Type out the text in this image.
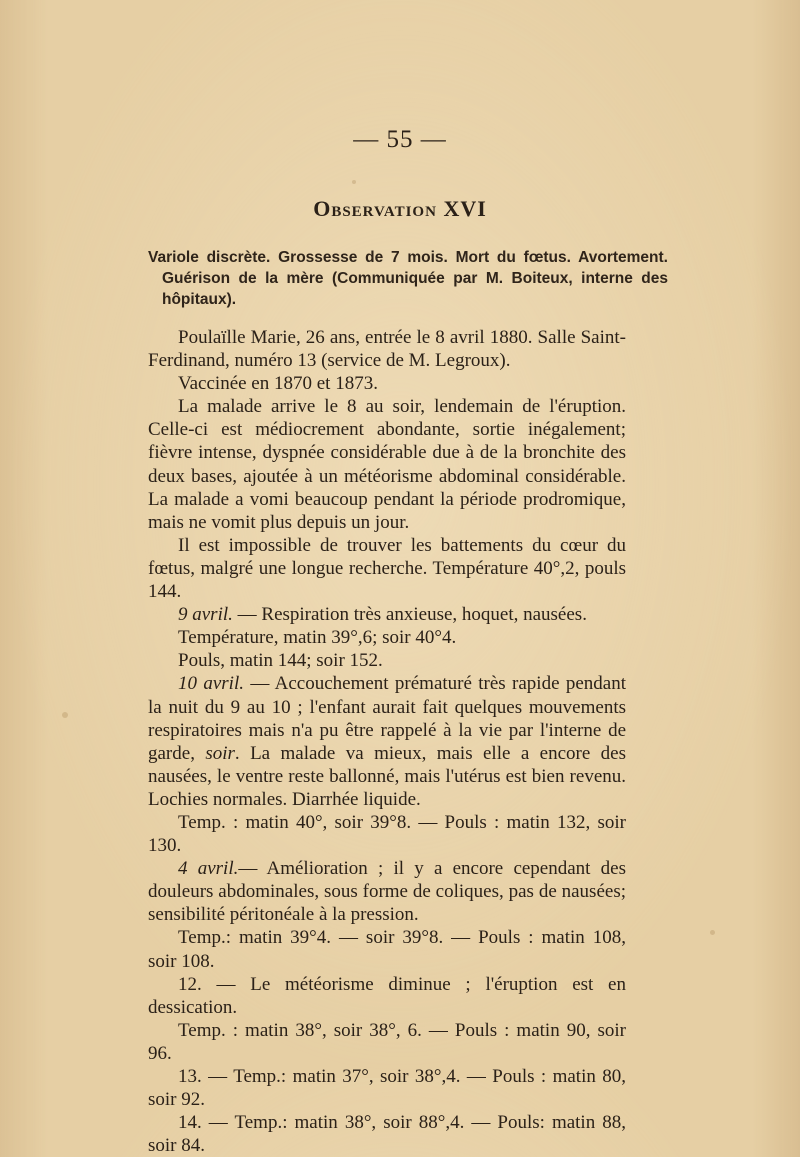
— 55 —
Observation XVI
Variole discrète. Grossesse de 7 mois. Mort du fœtus. Avortement. Guérison de la mère (Communiquée par M. Boiteux, interne des hôpitaux).

Poulaïlle Marie, 26 ans, entrée le 8 avril 1880. Salle Saint-Ferdinand, numéro 13 (service de M. Legroux).

Vaccinée en 1870 et 1873.

La malade arrive le 8 au soir, lendemain de l'éruption. Celle-ci est médiocrement abondante, sortie inégalement; fièvre intense, dyspnée considérable due à de la bronchite des deux bases, ajoutée à un météorisme abdominal considérable. La malade a vomi beaucoup pendant la période prodromique, mais ne vomit plus depuis un jour.

Il est impossible de trouver les battements du cœur du fœtus, malgré une longue recherche. Température 40°,2, pouls 144.

9 avril. — Respiration très anxieuse, hoquet, nausées.

Température, matin 39°,6; soir 40°4.

Pouls, matin 144; soir 152.

10 avril. — Accouchement prématuré très rapide pendant la nuit du 9 au 10 ; l'enfant aurait fait quelques mouvements respiratoires mais n'a pu être rappelé à la vie par l'interne de garde, soir. La malade va mieux, mais elle a encore des nausées, le ventre reste ballonné, mais l'utérus est bien revenu. Lochies normales. Diarrhée liquide.

Temp. : matin 40°, soir 39°8. — Pouls : matin 132, soir 130.

4 avril.— Amélioration ; il y a encore cependant des douleurs abdominales, sous forme de coliques, pas de nausées; sensibilité péritonéale à la pression.

Temp.: matin 39°4. — soir 39°8. — Pouls : matin 108, soir 108.

12. — Le météorisme diminue ; l'éruption est en dessication.

Temp. : matin 38°, soir 38°, 6. — Pouls : matin 90, soir 96.

13. — Temp.: matin 37°, soir 38°,4. — Pouls : matin 80, soir 92.

14. — Temp.: matin 38°, soir 88°,4. — Pouls: matin 88, soir 84.
